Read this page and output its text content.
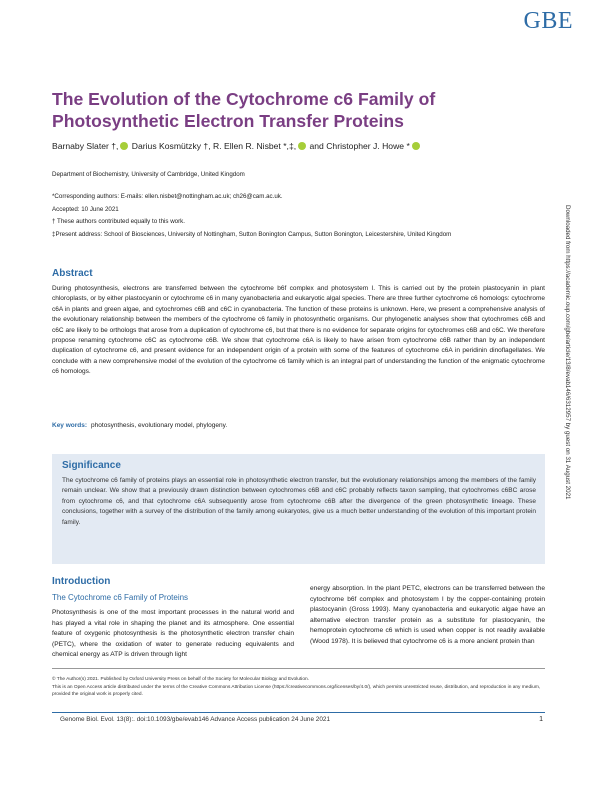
GBE
The Evolution of the Cytochrome c6 Family of Photosynthetic Electron Transfer Proteins
Barnaby Slater †, Darius Kosmützky †, R. Ellen R. Nisbet *,‡, and Christopher J. Howe *
Department of Biochemistry, University of Cambridge, United Kingdom
*Corresponding authors: E-mails: ellen.nisbet@nottingham.ac.uk; ch26@cam.ac.uk.
Accepted: 10 June 2021
† These authors contributed equally to this work.
‡Present address: School of Biosciences, University of Nottingham, Sutton Bonington Campus, Sutton Bonington, Leicestershire, United Kingdom	Downloaded from https://academic.oup.com/gbe/article/13/8/evab146/6312957 by guest on 31 August 2021
Abstract
During photosynthesis, electrons are transferred between the cytochrome b6f complex and photosystem I. This is carried out by the protein plastocyanin in plant chloroplasts, or by either plastocyanin or cytochrome c6 in many cyanobacteria and eukaryotic algal species. There are three further cytochrome c6 homologs: cytochrome c6A in plants and green algae, and cytochromes c6B and c6C in cyanobacteria. The function of these proteins is unknown. Here, we present a comprehensive analysis of the evolutionary relationship between the members of the cytochrome c6 family in photosynthetic organisms. Our phylogenetic analyses show that cytochromes c6B and c6C are likely to be orthologs that arose from a duplication of cytochrome c6, but that there is no evidence for separate origins for cytochromes c6B and c6C. We therefore propose renaming cytochrome c6C as cytochrome c6B. We show that cytochrome c6A is likely to have arisen from cytochrome c6B rather than by an independent duplication of cytochrome c6, and present evidence for an independent origin of a protein with some of the features of cytochrome c6A in peridinin dinoflagellates. We conclude with a new comprehensive model of the evolution of the cytochrome c6 family which is an integral part of understanding the function of the enigmatic cytochrome c6 homologs.
Key words: photosynthesis, evolutionary model, phylogeny.
Significance
The cytochrome c6 family of proteins plays an essential role in photosynthetic electron transfer, but the evolutionary relationships among the members of the family remain unclear. We show that a previously drawn distinction between cytochromes c6B and c6C probably reflects taxon sampling, that cytochromes c6BC arose from cytochrome c6, and that cytochrome c6A subsequently arose from cytochrome c6B after the divergence of the green photosynthetic lineage. These conclusions, together with a survey of the distribution of the family among eukaryotes, give us a much better understanding of the evolution of this important protein family.
Introduction
The Cytochrome c6 Family of Proteins
Photosynthesis is one of the most important processes in the natural world and has played a vital role in shaping the planet and its atmosphere. One essential feature of oxygenic photosynthesis is the photosynthetic electron transfer chain (PETC), where the oxidation of water to generate reducing equivalents and chemical energy as ATP is driven through light
energy absorption. In the plant PETC, electrons can be transferred between the cytochrome b6f complex and photosystem I by the copper-containing protein plastocyanin (Gross 1993). Many cyanobacteria and eukaryotic algae have an alternative electron transfer protein as a substitute for plastocyanin, the hemoprotein cytochrome c6 which is used when copper is not readily available (Wood 1978). It is believed that cytochrome c6 is a more ancient protein than
© The Author(s) 2021. Published by Oxford University Press on behalf of the Society for Molecular Biology and Evolution.
This is an Open Access article distributed under the terms of the Creative Commons Attribution License (https://creativecommons.org/licenses/by/4.0/), which permits unrestricted reuse, distribution, and reproduction in any medium, provided the original work is properly cited.
Genome Biol. Evol. 13(8):. doi:10.1093/gbe/evab146 Advance Access publication 24 June 2021	1
